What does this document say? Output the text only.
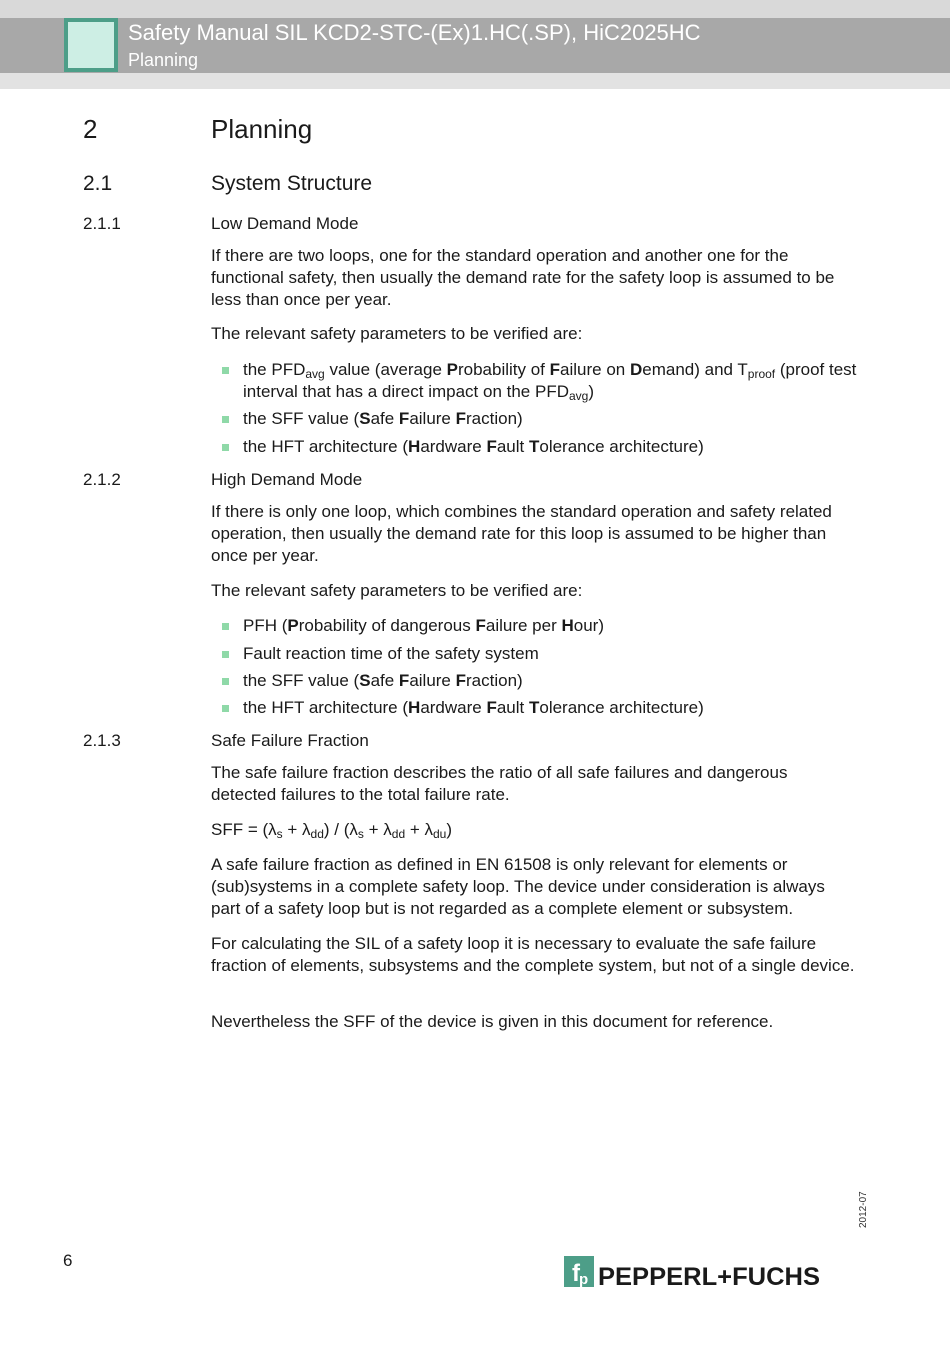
Safety Manual SIL KCD2-STC-(Ex)1.HC(.SP), HiC2025HC
Planning
2	Planning
2.1	System Structure
2.1.1	Low Demand Mode
If there are two loops, one for the standard operation and another one for the functional safety, then usually the demand rate for the safety loop is assumed to be less than once per year.
The relevant safety parameters to be verified are:
the $PFD_{avg}$ value (average Probability of Failure on Demand) and $T_{proof}$ (proof test interval that has a direct impact on the $PFD_{avg}$)
the SFF value (Safe Failure Fraction)
the HFT architecture (Hardware Fault Tolerance architecture)
2.1.2	High Demand Mode
If there is only one loop, which combines the standard operation and safety related operation, then usually the demand rate for this loop is assumed to be higher than once per year.
The relevant safety parameters to be verified are:
PFH (Probability of dangerous Failure per Hour)
Fault reaction time of the safety system
the SFF value (Safe Failure Fraction)
the HFT architecture (Hardware Fault Tolerance architecture)
2.1.3	Safe Failure Fraction
The safe failure fraction describes the ratio of all safe failures and dangerous detected failures to the total failure rate.
SFF = $(\lambda_s + \lambda_{dd}) / (\lambda_s + \lambda_{dd} + \lambda_{du})$
A safe failure fraction as defined in EN 61508 is only relevant for elements or (sub)systems in a complete safety loop. The device under consideration is always part of a safety loop but is not regarded as a complete element or subsystem.
For calculating the SIL of a safety loop it is necessary to evaluate the safe failure fraction of elements, subsystems and the complete system, but not of a single device.
Nevertheless the SFF of the device is given in this document for reference.
6
2012-07
f p PEPPERL+FUCHS
